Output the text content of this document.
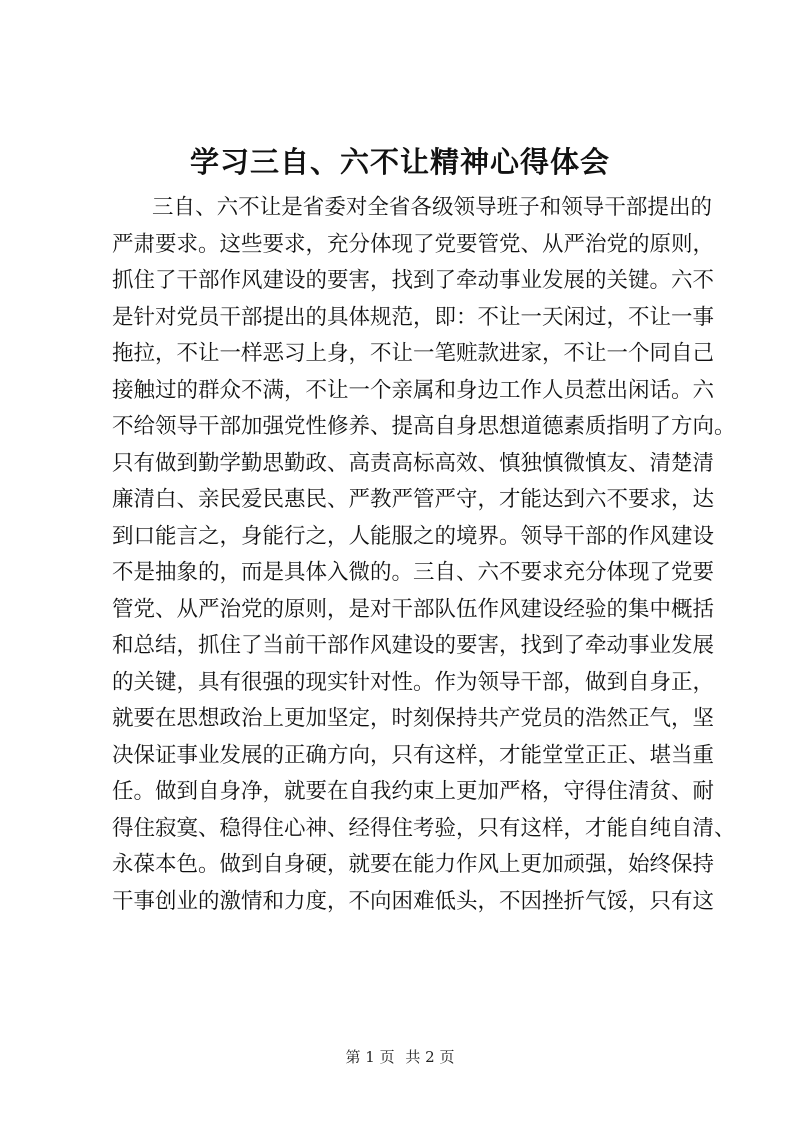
学习三自、六不让精神心得体会
三自、六不让是省委对全省各级领导班子和领导干部提出的
严肃要求。这些要求，充分体现了党要管党、从严治党的原则，
抓住了干部作风建设的要害，找到了牵动事业发展的关键。六不
是针对党员干部提出的具体规范，即：不让一天闲过，不让一事
拖拉，不让一样恶习上身，不让一笔赃款进家，不让一个同自己
接触过的群众不满，不让一个亲属和身边工作人员惹出闲话。六
不给领导干部加强党性修养、提高自身思想道德素质指明了方向。
只有做到勤学勤思勤政、高责高标高效、慎独慎微慎友、清楚清
廉清白、亲民爱民惠民、严教严管严守，才能达到六不要求，达
到口能言之，身能行之，人能服之的境界。领导干部的作风建设
不是抽象的，而是具体入微的。三自、六不要求充分体现了党要
管党、从严治党的原则，是对干部队伍作风建设经验的集中概括
和总结，抓住了当前干部作风建设的要害，找到了牵动事业发展
的关键，具有很强的现实针对性。作为领导干部，做到自身正，
就要在思想政治上更加坚定，时刻保持共产党员的浩然正气，坚
决保证事业发展的正确方向，只有这样，才能堂堂正正、堪当重
任。做到自身净，就要在自我约束上更加严格，守得住清贫、耐
得住寂寞、稳得住心神、经得住考验，只有这样，才能自纯自清、
永葆本色。做到自身硬，就要在能力作风上更加顽强，始终保持
干事创业的激情和力度，不向困难低头，不因挫折气馁，只有这
第 1 页 共 2 页
